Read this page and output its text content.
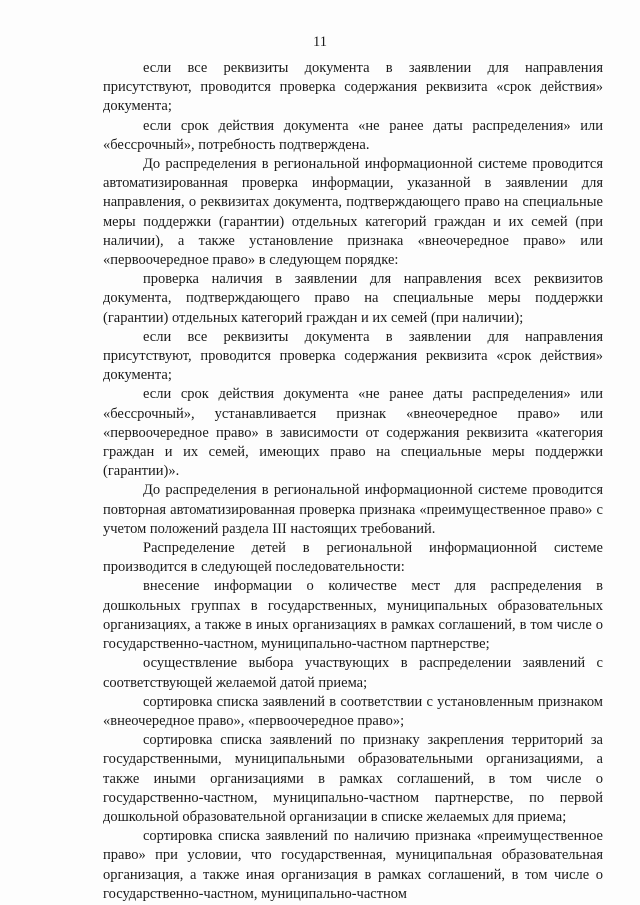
11

если все реквизиты документа в заявлении для направления присутствуют, проводится проверка содержания реквизита «срок действия» документа;

если срок действия документа «не ранее даты распределения» или «бессрочный», потребность подтверждена.

До распределения в региональной информационной системе проводится автоматизированная проверка информации, указанной в заявлении для направления, о реквизитах документа, подтверждающего право на специальные меры поддержки (гарантии) отдельных категорий граждан и их семей (при наличии), а также установление признака «внеочередное право» или «первоочередное право» в следующем порядке:

проверка наличия в заявлении для направления всех реквизитов документа, подтверждающего право на специальные меры поддержки (гарантии) отдельных категорий граждан и их семей (при наличии);

если все реквизиты документа в заявлении для направления присутствуют, проводится проверка содержания реквизита «срок действия» документа;

если срок действия документа «не ранее даты распределения» или «бессрочный», устанавливается признак «внеочередное право» или «первоочередное право» в зависимости от содержания реквизита «категория граждан и их семей, имеющих право на специальные меры поддержки (гарантии)».

До распределения в региональной информационной системе проводится повторная автоматизированная проверка признака «преимущественное право» с учетом положений раздела III настоящих требований.

Распределение детей в региональной информационной системе производится в следующей последовательности:

внесение информации о количестве мест для распределения в дошкольных группах в государственных, муниципальных образовательных организациях, а также в иных организациях в рамках соглашений, в том числе о государственно-частном, муниципально-частном партнерстве;

осуществление выбора участвующих в распределении заявлений с соответствующей желаемой датой приема;

сортировка списка заявлений в соответствии с установленным признаком «внеочередное право», «первоочередное право»;

сортировка списка заявлений по признаку закрепления территорий за государственными, муниципальными образовательными организациями, а также иными организациями в рамках соглашений, в том числе о государственно-частном, муниципально-частном партнерстве, по первой дошкольной образовательной организации в списке желаемых для приема;

сортировка списка заявлений по наличию признака «преимущественное право» при условии, что государственная, муниципальная образовательная организация, а также иная организация в рамках соглашений, в том числе о государственно-частном, муниципально-частном
